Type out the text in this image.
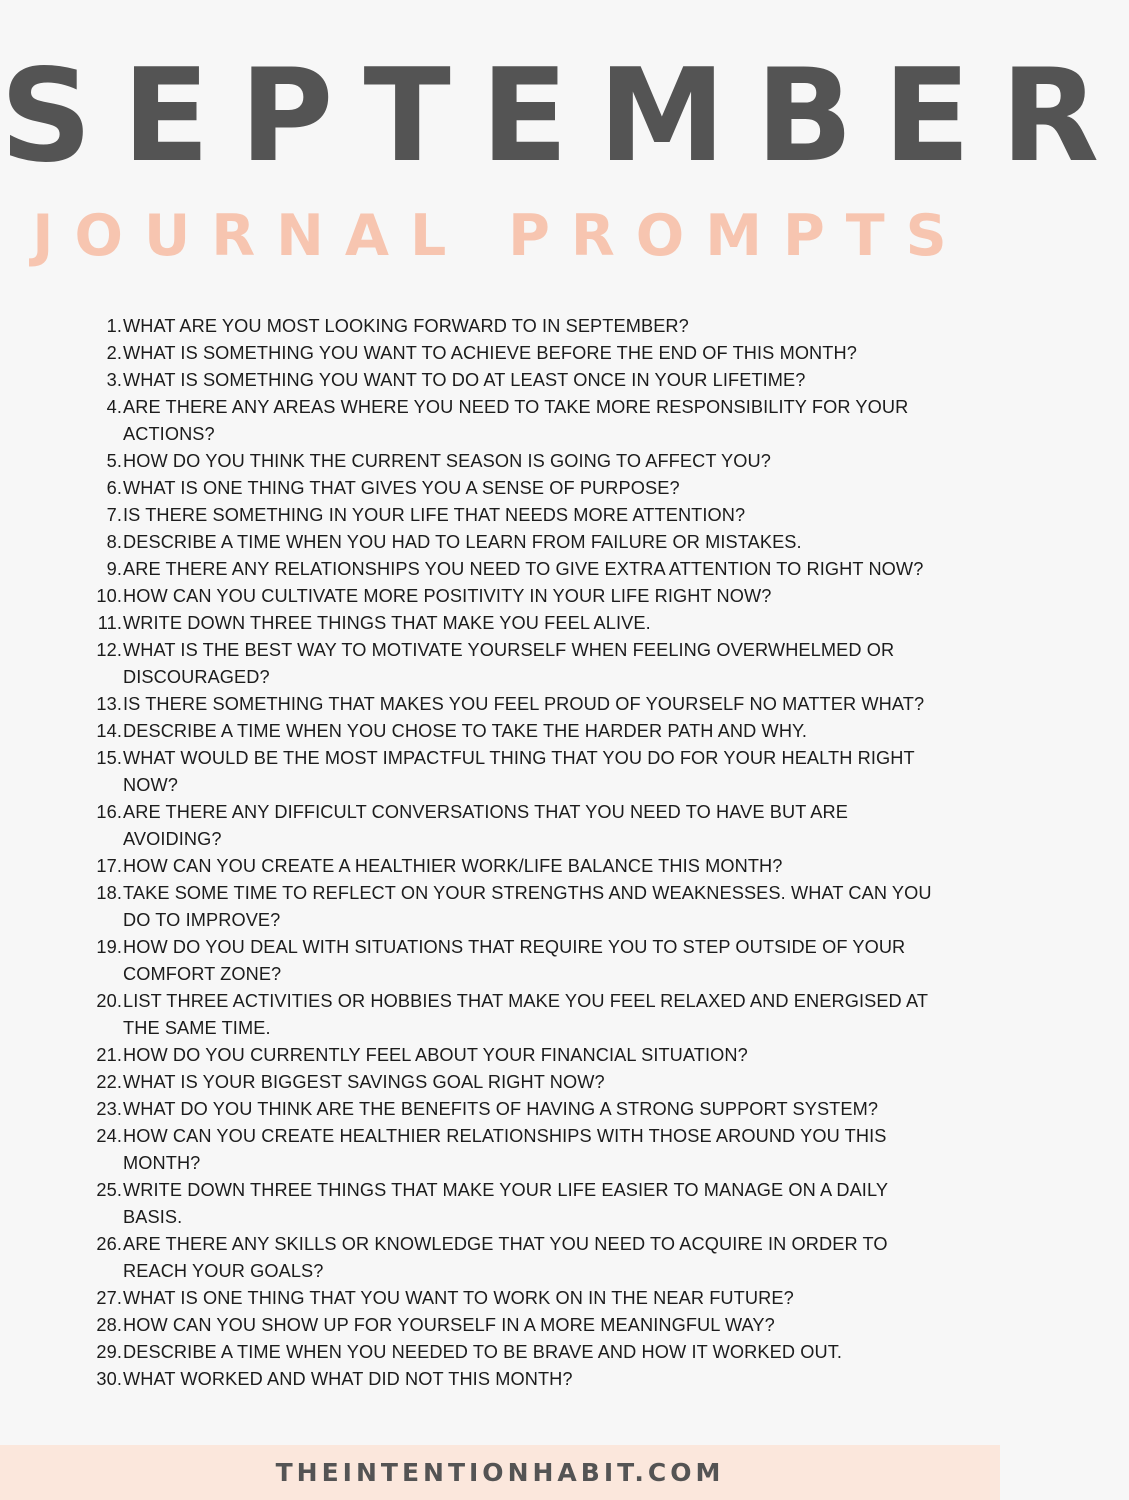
SEPTEMBER
JOURNAL PROMPTS
1. WHAT ARE YOU MOST LOOKING FORWARD TO IN SEPTEMBER?
2. WHAT IS SOMETHING YOU WANT TO ACHIEVE BEFORE THE END OF THIS MONTH?
3. WHAT IS SOMETHING YOU WANT TO DO AT LEAST ONCE IN YOUR LIFETIME?
4. ARE THERE ANY AREAS WHERE YOU NEED TO TAKE MORE RESPONSIBILITY FOR YOUR ACTIONS?
5. HOW DO YOU THINK THE CURRENT SEASON IS GOING TO AFFECT YOU?
6. WHAT IS ONE THING THAT GIVES YOU A SENSE OF PURPOSE?
7. IS THERE SOMETHING IN YOUR LIFE THAT NEEDS MORE ATTENTION?
8. DESCRIBE A TIME WHEN YOU HAD TO LEARN FROM FAILURE OR MISTAKES.
9. ARE THERE ANY RELATIONSHIPS YOU NEED TO GIVE EXTRA ATTENTION TO RIGHT NOW?
10. HOW CAN YOU CULTIVATE MORE POSITIVITY IN YOUR LIFE RIGHT NOW?
11. WRITE DOWN THREE THINGS THAT MAKE YOU FEEL ALIVE.
12. WHAT IS THE BEST WAY TO MOTIVATE YOURSELF WHEN FEELING OVERWHELMED OR DISCOURAGED?
13. IS THERE SOMETHING THAT MAKES YOU FEEL PROUD OF YOURSELF NO MATTER WHAT?
14. DESCRIBE A TIME WHEN YOU CHOSE TO TAKE THE HARDER PATH AND WHY.
15. WHAT WOULD BE THE MOST IMPACTFUL THING THAT YOU DO FOR YOUR HEALTH RIGHT NOW?
16. ARE THERE ANY DIFFICULT CONVERSATIONS THAT YOU NEED TO HAVE BUT ARE AVOIDING?
17. HOW CAN YOU CREATE A HEALTHIER WORK/LIFE BALANCE THIS MONTH?
18. TAKE SOME TIME TO REFLECT ON YOUR STRENGTHS AND WEAKNESSES. WHAT CAN YOU DO TO IMPROVE?
19. HOW DO YOU DEAL WITH SITUATIONS THAT REQUIRE YOU TO STEP OUTSIDE OF YOUR COMFORT ZONE?
20. LIST THREE ACTIVITIES OR HOBBIES THAT MAKE YOU FEEL RELAXED AND ENERGISED AT THE SAME TIME.
21. HOW DO YOU CURRENTLY FEEL ABOUT YOUR FINANCIAL SITUATION?
22. WHAT IS YOUR BIGGEST SAVINGS GOAL RIGHT NOW?
23. WHAT DO YOU THINK ARE THE BENEFITS OF HAVING A STRONG SUPPORT SYSTEM?
24. HOW CAN YOU CREATE HEALTHIER RELATIONSHIPS WITH THOSE AROUND YOU THIS MONTH?
25. WRITE DOWN THREE THINGS THAT MAKE YOUR LIFE EASIER TO MANAGE ON A DAILY BASIS.
26. ARE THERE ANY SKILLS OR KNOWLEDGE THAT YOU NEED TO ACQUIRE IN ORDER TO REACH YOUR GOALS?
27. WHAT IS ONE THING THAT YOU WANT TO WORK ON IN THE NEAR FUTURE?
28. HOW CAN YOU SHOW UP FOR YOURSELF IN A MORE MEANINGFUL WAY?
29. DESCRIBE A TIME WHEN YOU NEEDED TO BE BRAVE AND HOW IT WORKED OUT.
30. WHAT WORKED AND WHAT DID NOT THIS MONTH?
THEINTENTIONHABIT.COM
